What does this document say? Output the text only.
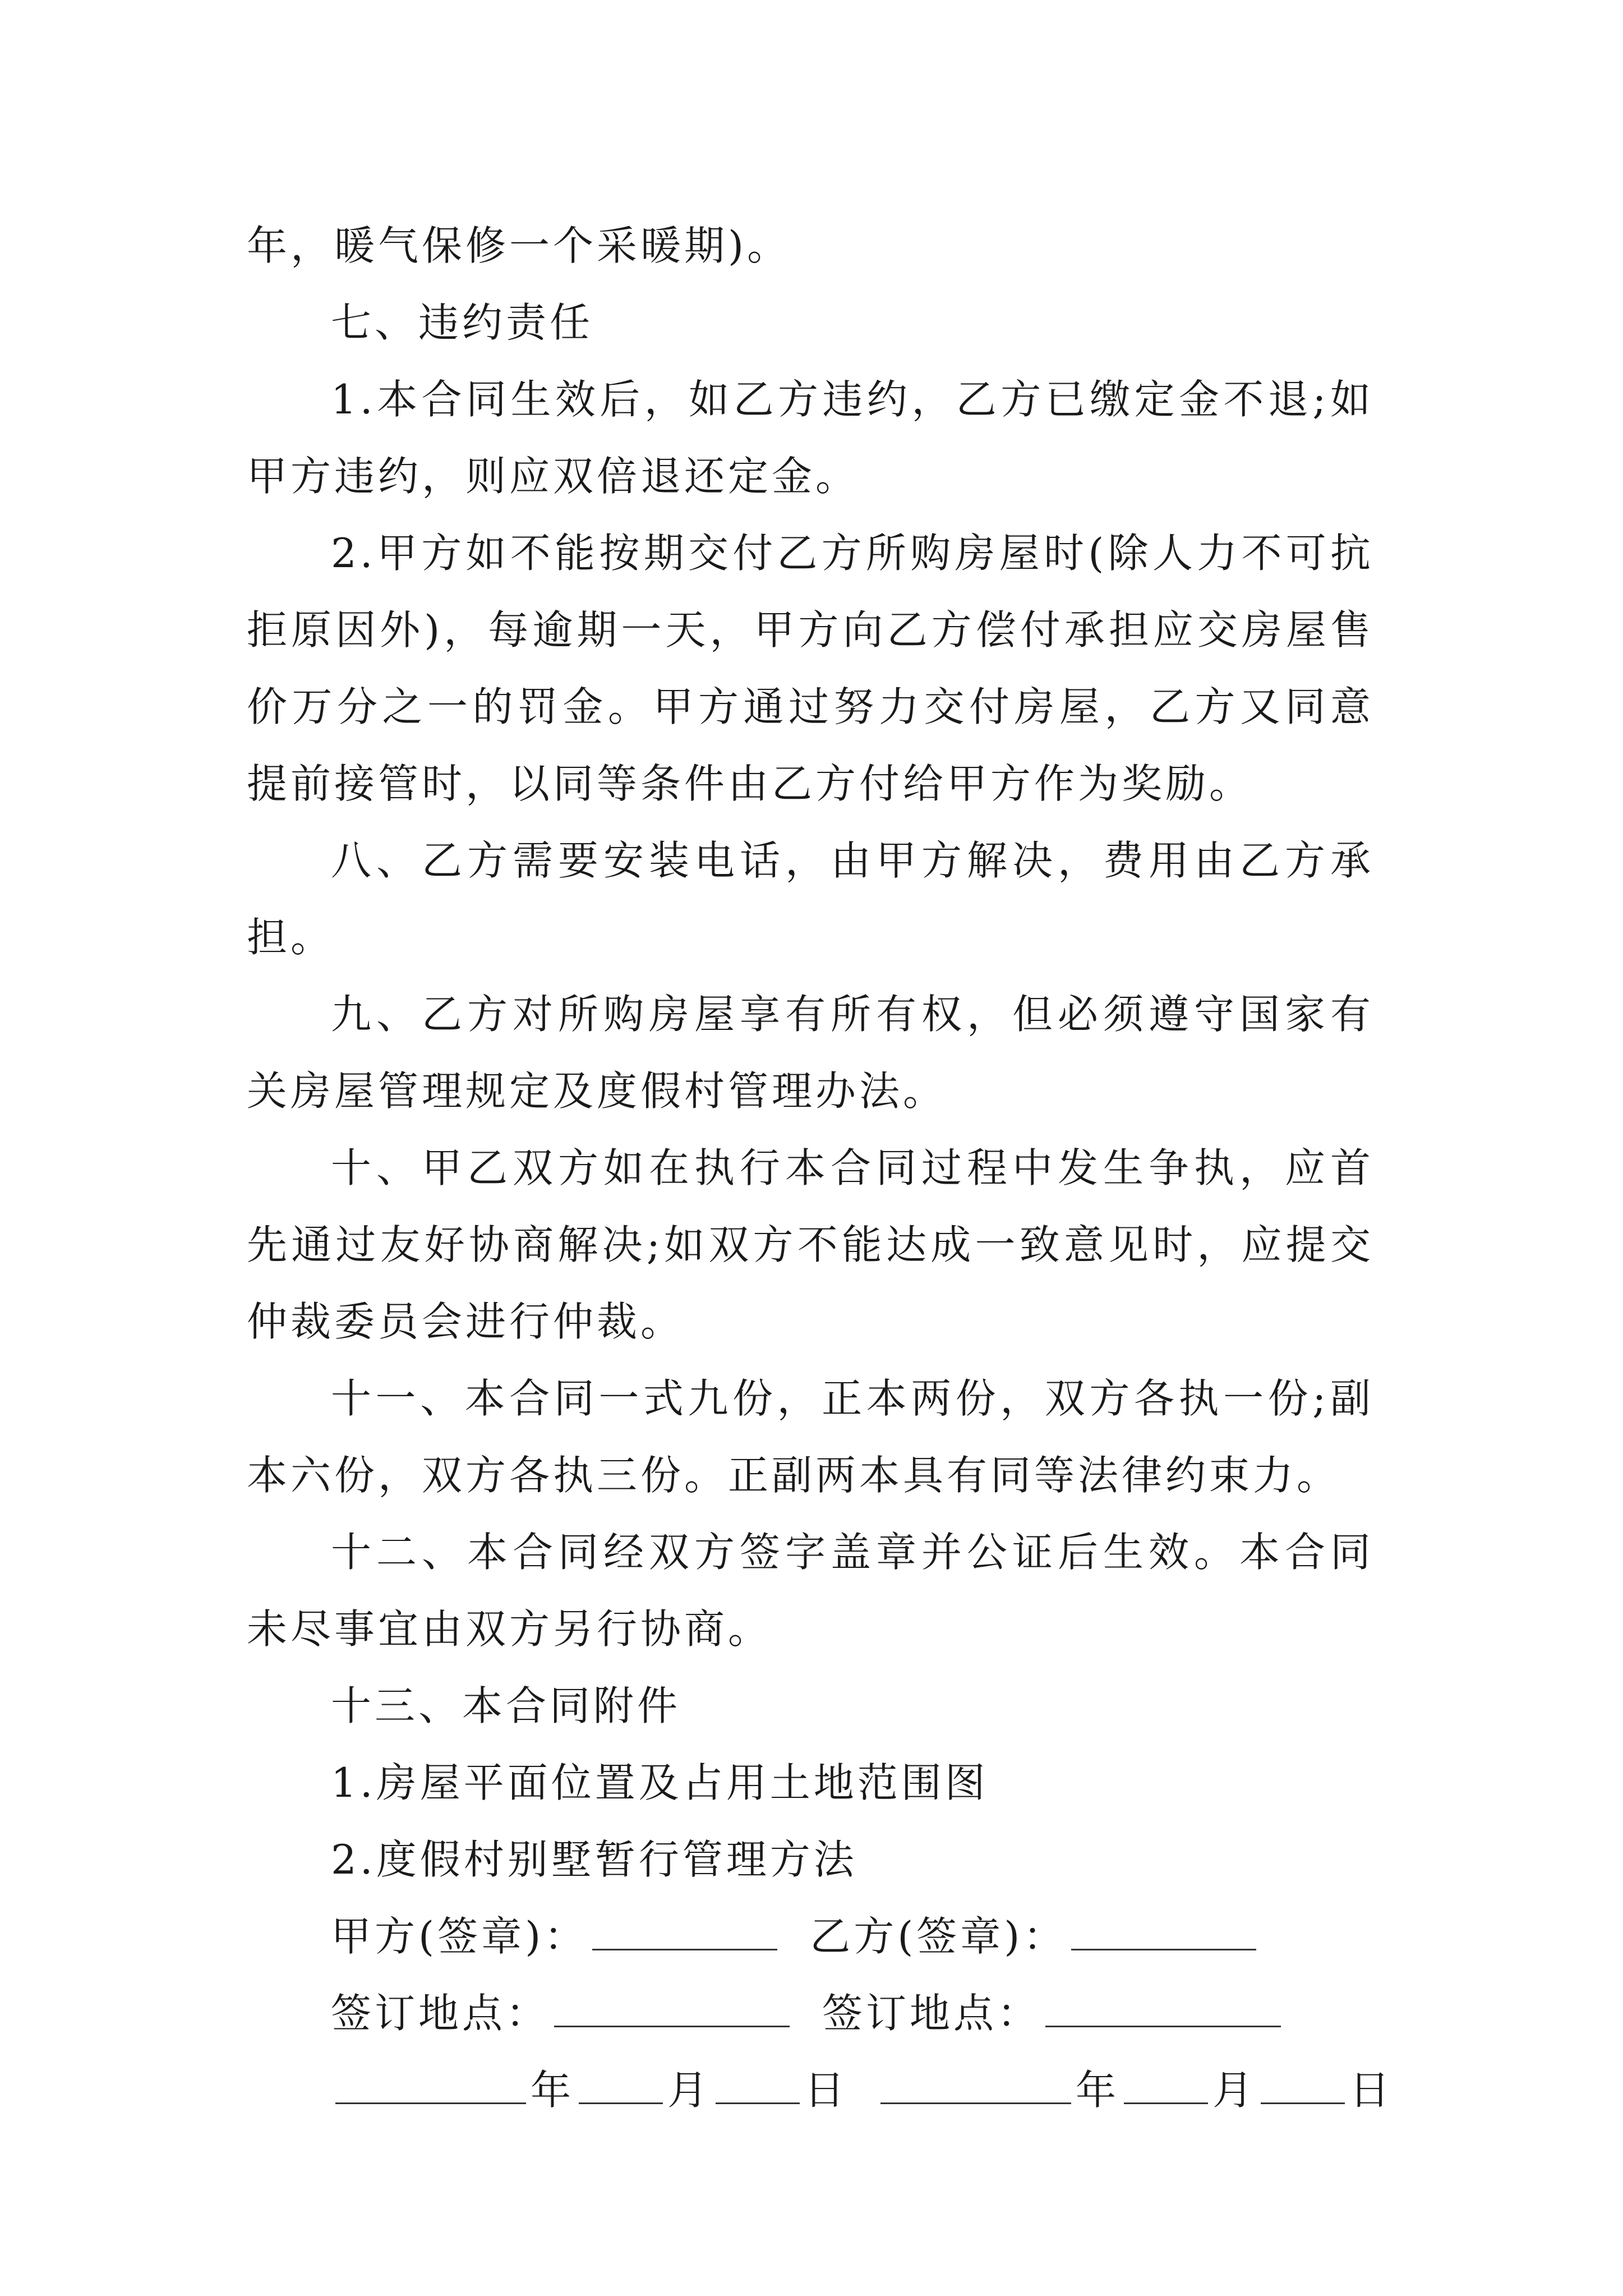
年，暖气保修一个采暖期)。

七、违约责任

1.本合同生效后，如乙方违约，乙方已缴定金不退;如甲方违约，则应双倍退还定金。

2.甲方如不能按期交付乙方所购房屋时(除人力不可抗拒原因外)，每逾期一天，甲方向乙方偿付承担应交房屋售价万分之一的罚金。甲方通过努力交付房屋，乙方又同意提前接管时，以同等条件由乙方付给甲方作为奖励。

八、乙方需要安装电话，由甲方解决，费用由乙方承担。

九、乙方对所购房屋享有所有权，但必须遵守国家有关房屋管理规定及度假村管理办法。

十、甲乙双方如在执行本合同过程中发生争执，应首先通过友好协商解决;如双方不能达成一致意见时，应提交仲裁委员会进行仲裁。

十一、本合同一式九份，正本两份，双方各执一份;副本六份，双方各执三份。正副两本具有同等法律约束力。

十二、本合同经双方签字盖章并公证后生效。本合同未尽事宜由双方另行协商。

十三、本合同附件

1.房屋平面位置及占用土地范围图

2.度假村别墅暂行管理方法

甲方(签章)：	乙方(签章)：
签订地点：	签订地点：
年 月 日	年 月 日
